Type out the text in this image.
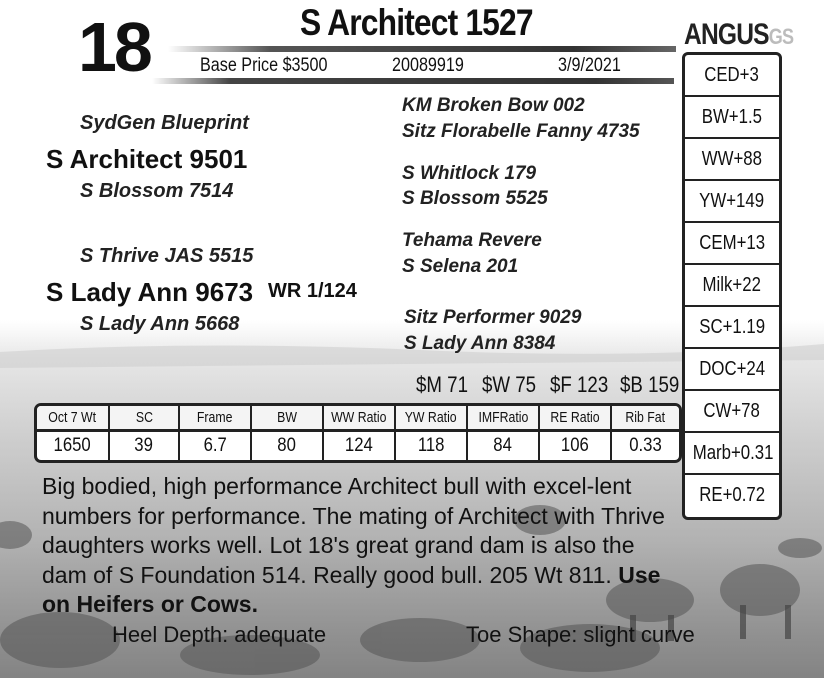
18	S Architect 1527
Base Price $3500	20089919	3/9/2021
ANGUSGS
SydGen Blueprint
S Architect 9501
S Blossom 7514
S Thrive JAS 5515
S Lady Ann 9673 WR 1/124
S Lady Ann 5668
KM Broken Bow 002
Sitz Florabelle Fanny 4735
S Whitlock 179
S Blossom 5525
Tehama Revere
S Selena 201
Sitz Performer 9029
S Lady Ann 8384
$M 71 $W 75 $F 123 $B 159
Oct 7 Wt	SC	Frame	BW	WW Ratio	YW Ratio	IMFRatio	RE Ratio	Rib Fat
1650	39	6.7	80	124	118	84	106	0.33
CED+3
BW+1.5
WW+88
YW+149
CEM+13
Milk+22
SC+1.19
DOC+24
CW+78
Marb+0.31
RE+0.72
Big bodied, high performance Architect bull with excel-lent numbers for performance. The mating of Architect with Thrive daughters works well. Lot 18's great grand dam is also the dam of S Foundation 514. Really good bull. 205 Wt 811. Use on Heifers or Cows.
Heel Depth: adequate	Toe Shape: slight curve
